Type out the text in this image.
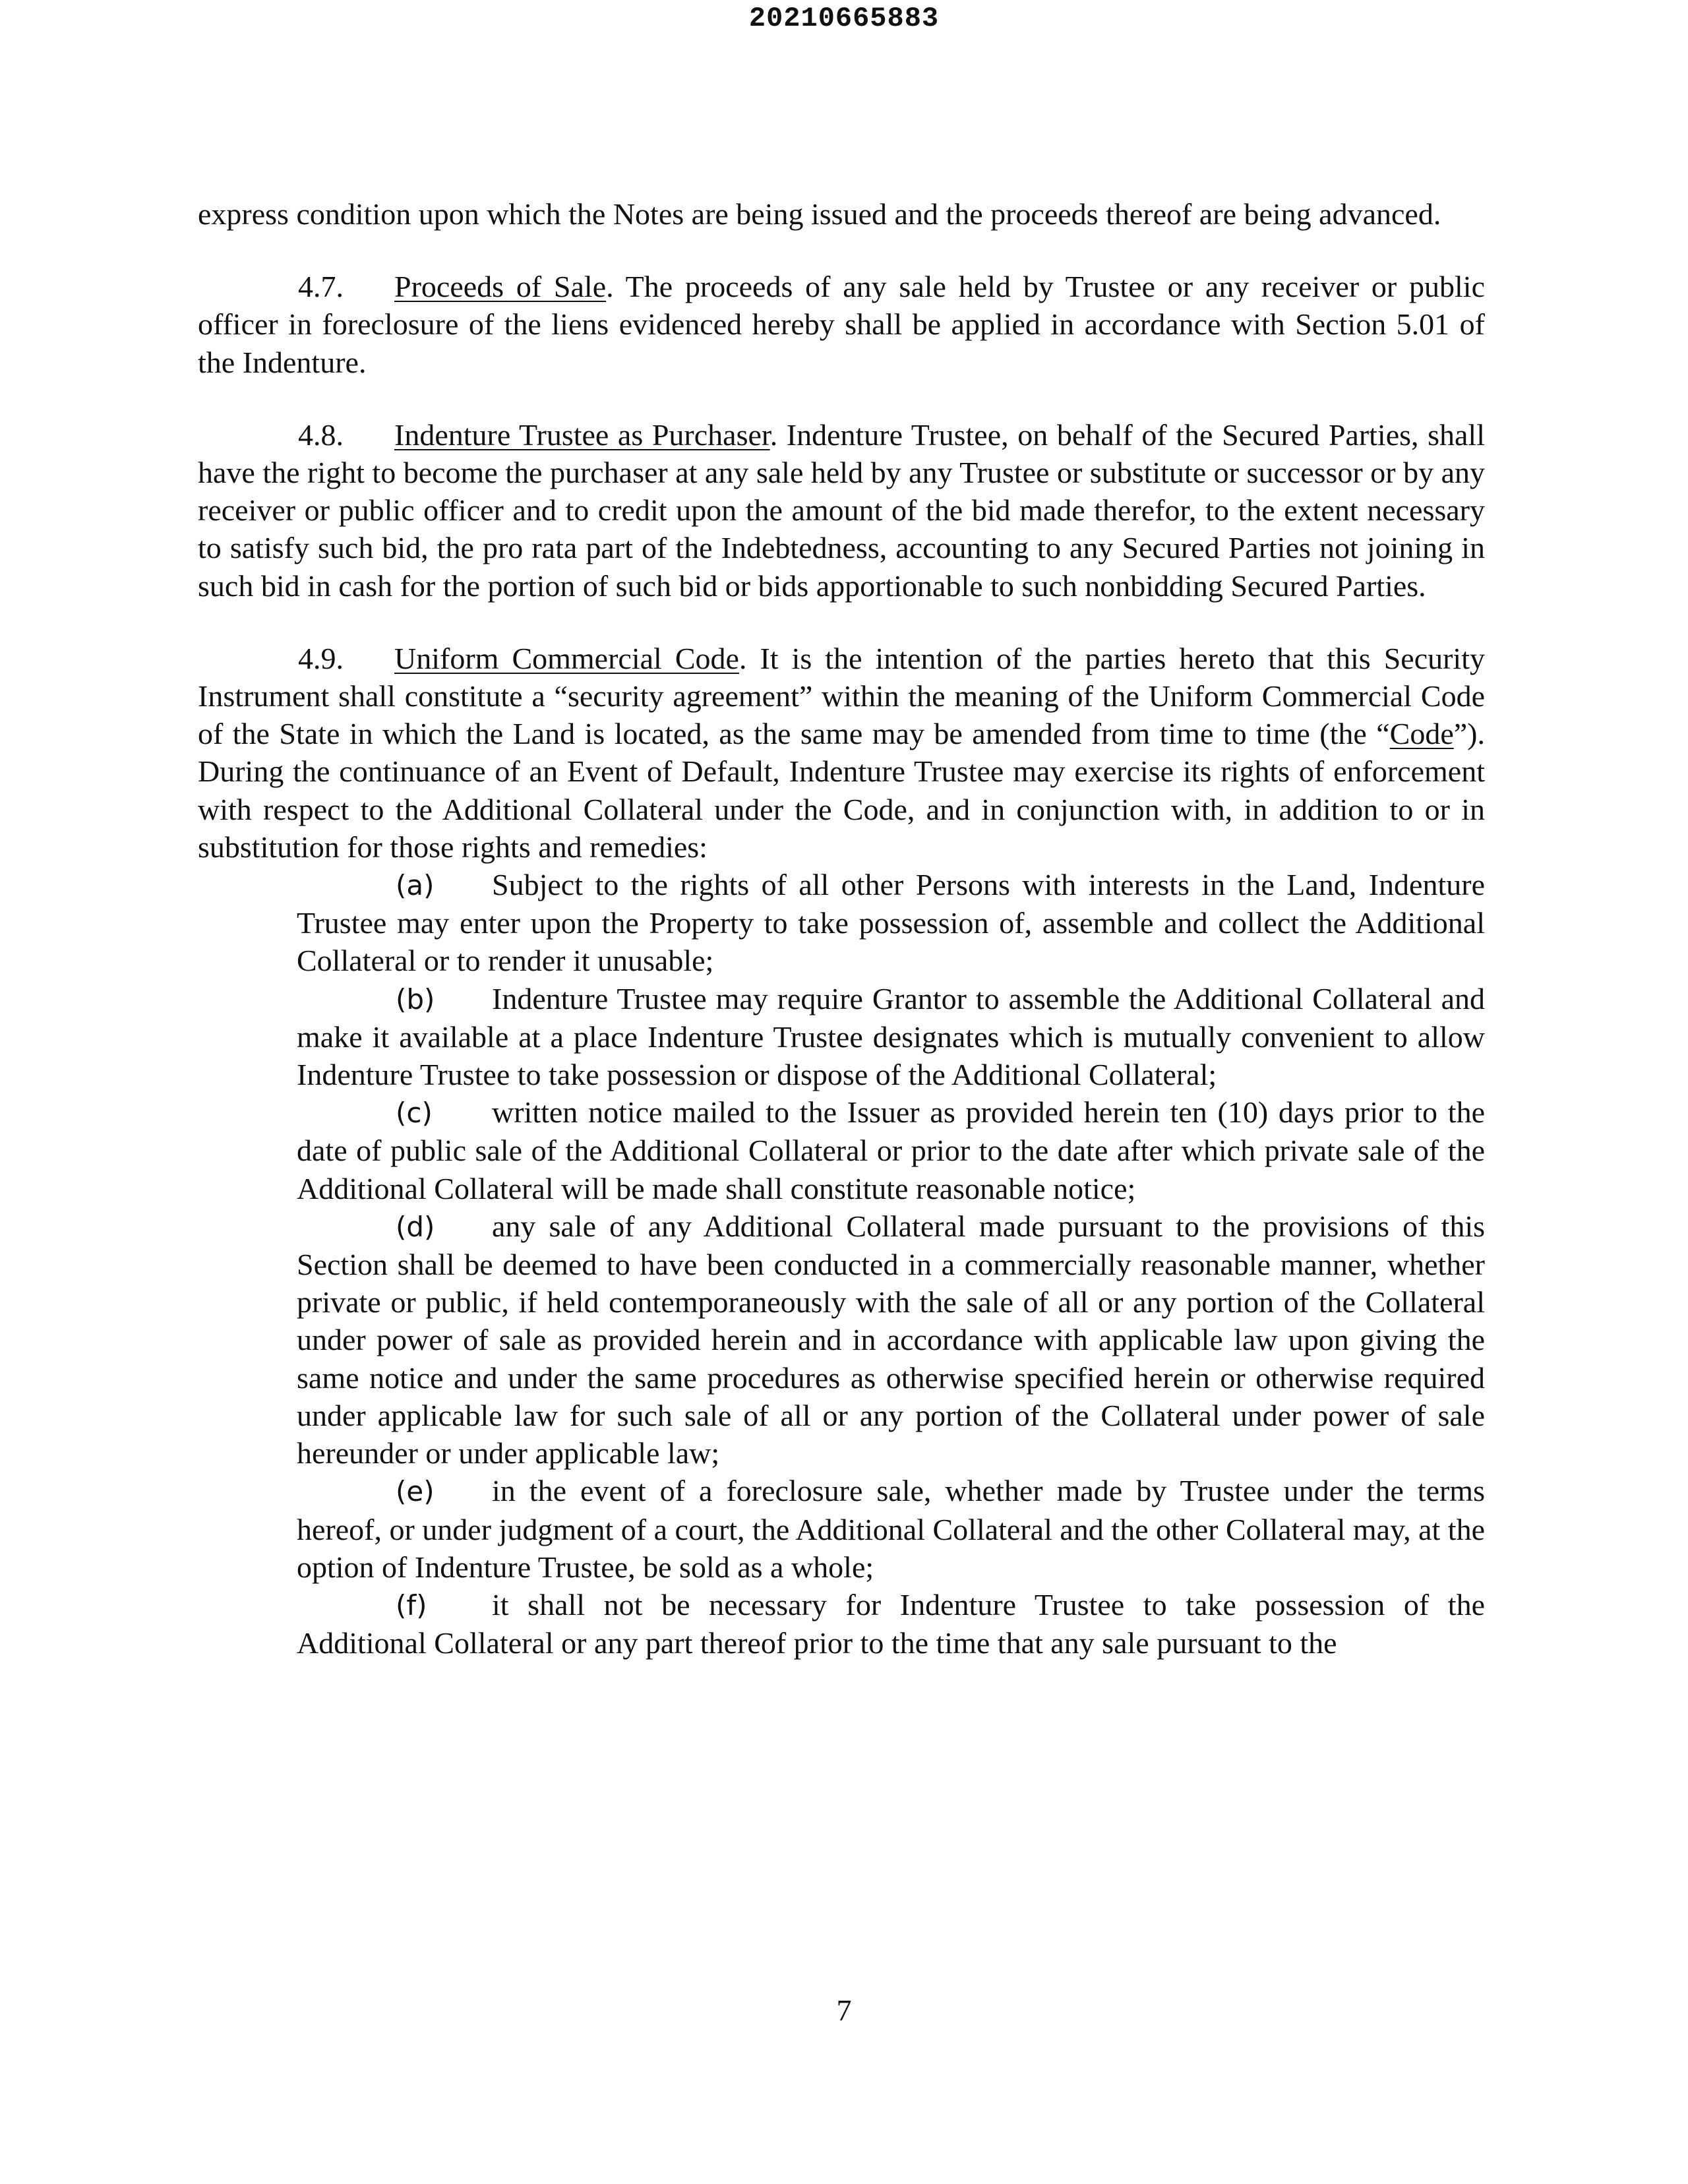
20210665883

express condition upon which the Notes are being issued and the proceeds thereof are being advanced.

4.7. Proceeds of Sale. The proceeds of any sale held by Trustee or any receiver or public officer in foreclosure of the liens evidenced hereby shall be applied in accordance with Section 5.01 of the Indenture.

4.8. Indenture Trustee as Purchaser. Indenture Trustee, on behalf of the Secured Parties, shall have the right to become the purchaser at any sale held by any Trustee or substitute or successor or by any receiver or public officer and to credit upon the amount of the bid made therefor, to the extent necessary to satisfy such bid, the pro rata part of the Indebtedness, accounting to any Secured Parties not joining in such bid in cash for the portion of such bid or bids apportionable to such nonbidding Secured Parties.

4.9. Uniform Commercial Code. It is the intention of the parties hereto that this Security Instrument shall constitute a “security agreement” within the meaning of the Uniform Commercial Code of the State in which the Land is located, as the same may be amended from time to time (the “Code”). During the continuance of an Event of Default, Indenture Trustee may exercise its rights of enforcement with respect to the Additional Collateral under the Code, and in conjunction with, in addition to or in substitution for those rights and remedies:

(a) Subject to the rights of all other Persons with interests in the Land, Indenture Trustee may enter upon the Property to take possession of, assemble and collect the Additional Collateral or to render it unusable;

(b) Indenture Trustee may require Grantor to assemble the Additional Collateral and make it available at a place Indenture Trustee designates which is mutually convenient to allow Indenture Trustee to take possession or dispose of the Additional Collateral;

(c) written notice mailed to the Issuer as provided herein ten (10) days prior to the date of public sale of the Additional Collateral or prior to the date after which private sale of the Additional Collateral will be made shall constitute reasonable notice;

(d) any sale of any Additional Collateral made pursuant to the provisions of this Section shall be deemed to have been conducted in a commercially reasonable manner, whether private or public, if held contemporaneously with the sale of all or any portion of the Collateral under power of sale as provided herein and in accordance with applicable law upon giving the same notice and under the same procedures as otherwise specified herein or otherwise required under applicable law for such sale of all or any portion of the Collateral under power of sale hereunder or under applicable law;

(e) in the event of a foreclosure sale, whether made by Trustee under the terms hereof, or under judgment of a court, the Additional Collateral and the other Collateral may, at the option of Indenture Trustee, be sold as a whole;

(f) it shall not be necessary for Indenture Trustee to take possession of the Additional Collateral or any part thereof prior to the time that any sale pursuant to the

7
